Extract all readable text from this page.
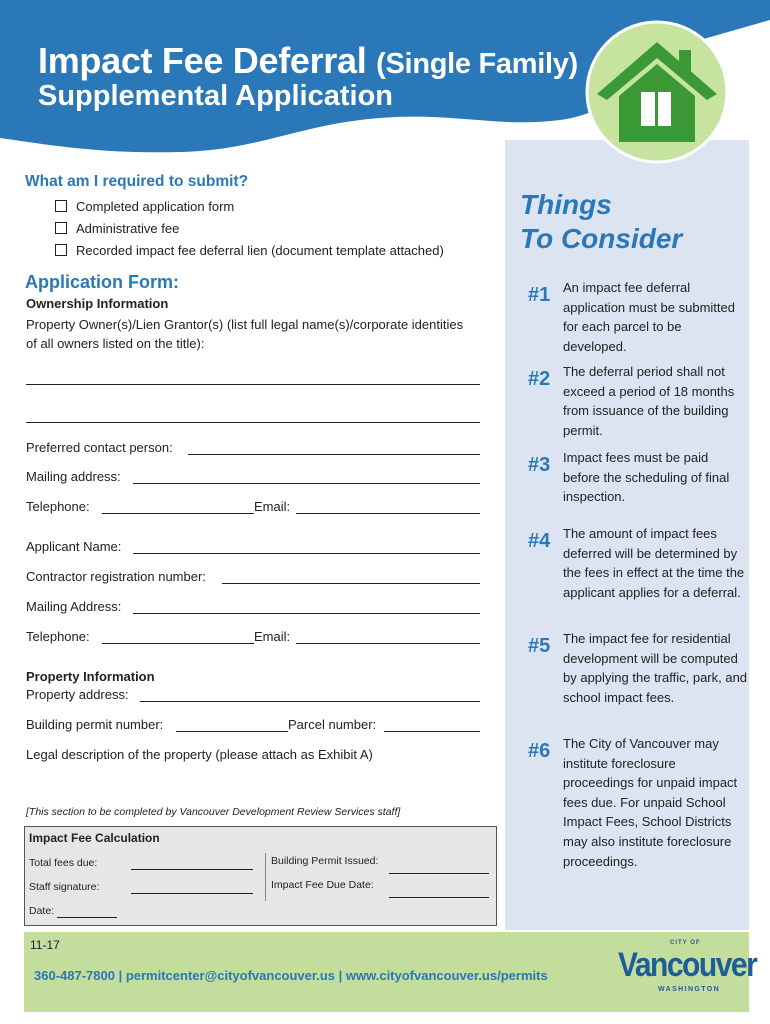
Impact Fee Deferral (Single Family)
Supplemental Application
Things
To Consider
#1 An impact fee deferral application must be submitted for each parcel to be developed.
#2 The deferral period shall not exceed a period of 18 months from issuance of the building permit.
#3 Impact fees must be paid before the scheduling of final inspection.
#4 The amount of impact fees deferred will be determined by the fees in effect at the time the applicant applies for a deferral.
#5 The impact fee for residential development will be computed by applying the traffic, park, and school impact fees.
#6 The City of Vancouver may institute foreclosure proceedings for unpaid impact fees due. For unpaid School Impact Fees, School Districts may also institute foreclosure proceedings.
What am I required to submit?
Completed application form
Administrative fee
Recorded impact fee deferral lien (document template attached)
Application Form:
Ownership Information
Property Owner(s)/Lien Grantor(s) (list full legal name(s)/corporate identities of all owners listed on the title):
Preferred contact person:
Mailing address:
Telephone:	Email:
Applicant Name:
Contractor registration number:
Mailing Address:
Telephone:	Email:
Property Information
Property address:
Building permit number:	Parcel number:
Legal description of the property (please attach as Exhibit A)
[This section to be completed by Vancouver Development Review Services staff]
Impact Fee Calculation
Total fees due:
Staff signature:
Date:
Building Permit Issued:
Impact Fee Due Date:
11-17
360-487-7800 | permitcenter@cityofvancouver.us | www.cityofvancouver.us/permits
CITY OF
Vancouver
WASHINGTON
